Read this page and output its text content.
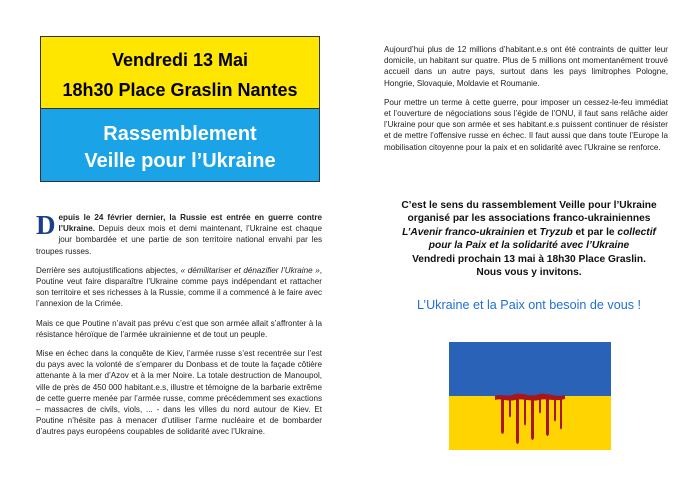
Vendredi 13 Mai
18h30 Place Graslin Nantes
Rassemblement
Veille pour l’Ukraine

Depuis le 24 février dernier, la Russie est entrée en guerre contre l’Ukraine. Depuis deux mois et demi maintenant, l’Ukraine est chaque jour bombardée et une partie de son territoire national envahi par les troupes russes.

Derrière ses autojustifications abjectes, « démilitariser et dénazifier l’Ukraine », Poutine veut faire disparaître l’Ukraine comme pays indépendant et rattacher son territoire et ses richesses à la Russie, comme il a commencé à le faire avec l’annexion de la Crimée.

Mais ce que Poutine n’avait pas prévu c’est que son armée allait s’affronter à la résistance héroïque de l’armée ukrainienne et de tout un peuple.

Mise en échec dans la conquête de Kiev, l’armée russe s’est recentrée sur l’est du pays avec la volonté de s’emparer du Donbass et de toute la façade côtière attenante à la mer d’Azov et à la mer Noire. La totale destruction de Manoupol, ville de près de 450 000 habitant.e.s, illustre et témoigne de la barbarie extrême de cette guerre menée par l’armée russe, comme précédemment ses exactions – massacres de civils, viols, ... - dans les villes du nord autour de Kiev. Et Poutine n’hésite pas à menacer d’utiliser l’arme nucléaire et de bombarder d’autres pays européens coupables de solidarité avec l’Ukraine.

Aujourd’hui plus de 12 millions d’habitant.e.s ont été contraints de quitter leur domicile, un habitant sur quatre. Plus de 5 millions ont momentanément trouvé accueil dans un autre pays, surtout dans les pays limitrophes Pologne, Hongrie, Slovaquie, Moldavie et Roumanie.

Pour mettre un terme à cette guerre, pour imposer un cessez-le-feu immédiat et l’ouverture de négociations sous l’égide de l’ONU, il faut sans relâche aider l’Ukraine pour que son armée et ses habitant.e.s puissent continuer de résister et de mettre l’offensive russe en échec. Il faut aussi que dans toute l’Europe la mobilisation citoyenne pour la paix et en solidarité avec l’Ukraine se renforce.

C’est le sens du rassemblement Veille pour l’Ukraine
organisé par les associations franco-ukrainiennes
L’Avenir franco-ukrainien et Tryzub et par le collectif
pour la Paix et la solidarité avec l’Ukraine
Vendredi prochain 13 mai à 18h30 Place Graslin.
Nous vous y invitons.
L’Ukraine et la Paix ont besoin de vous !
